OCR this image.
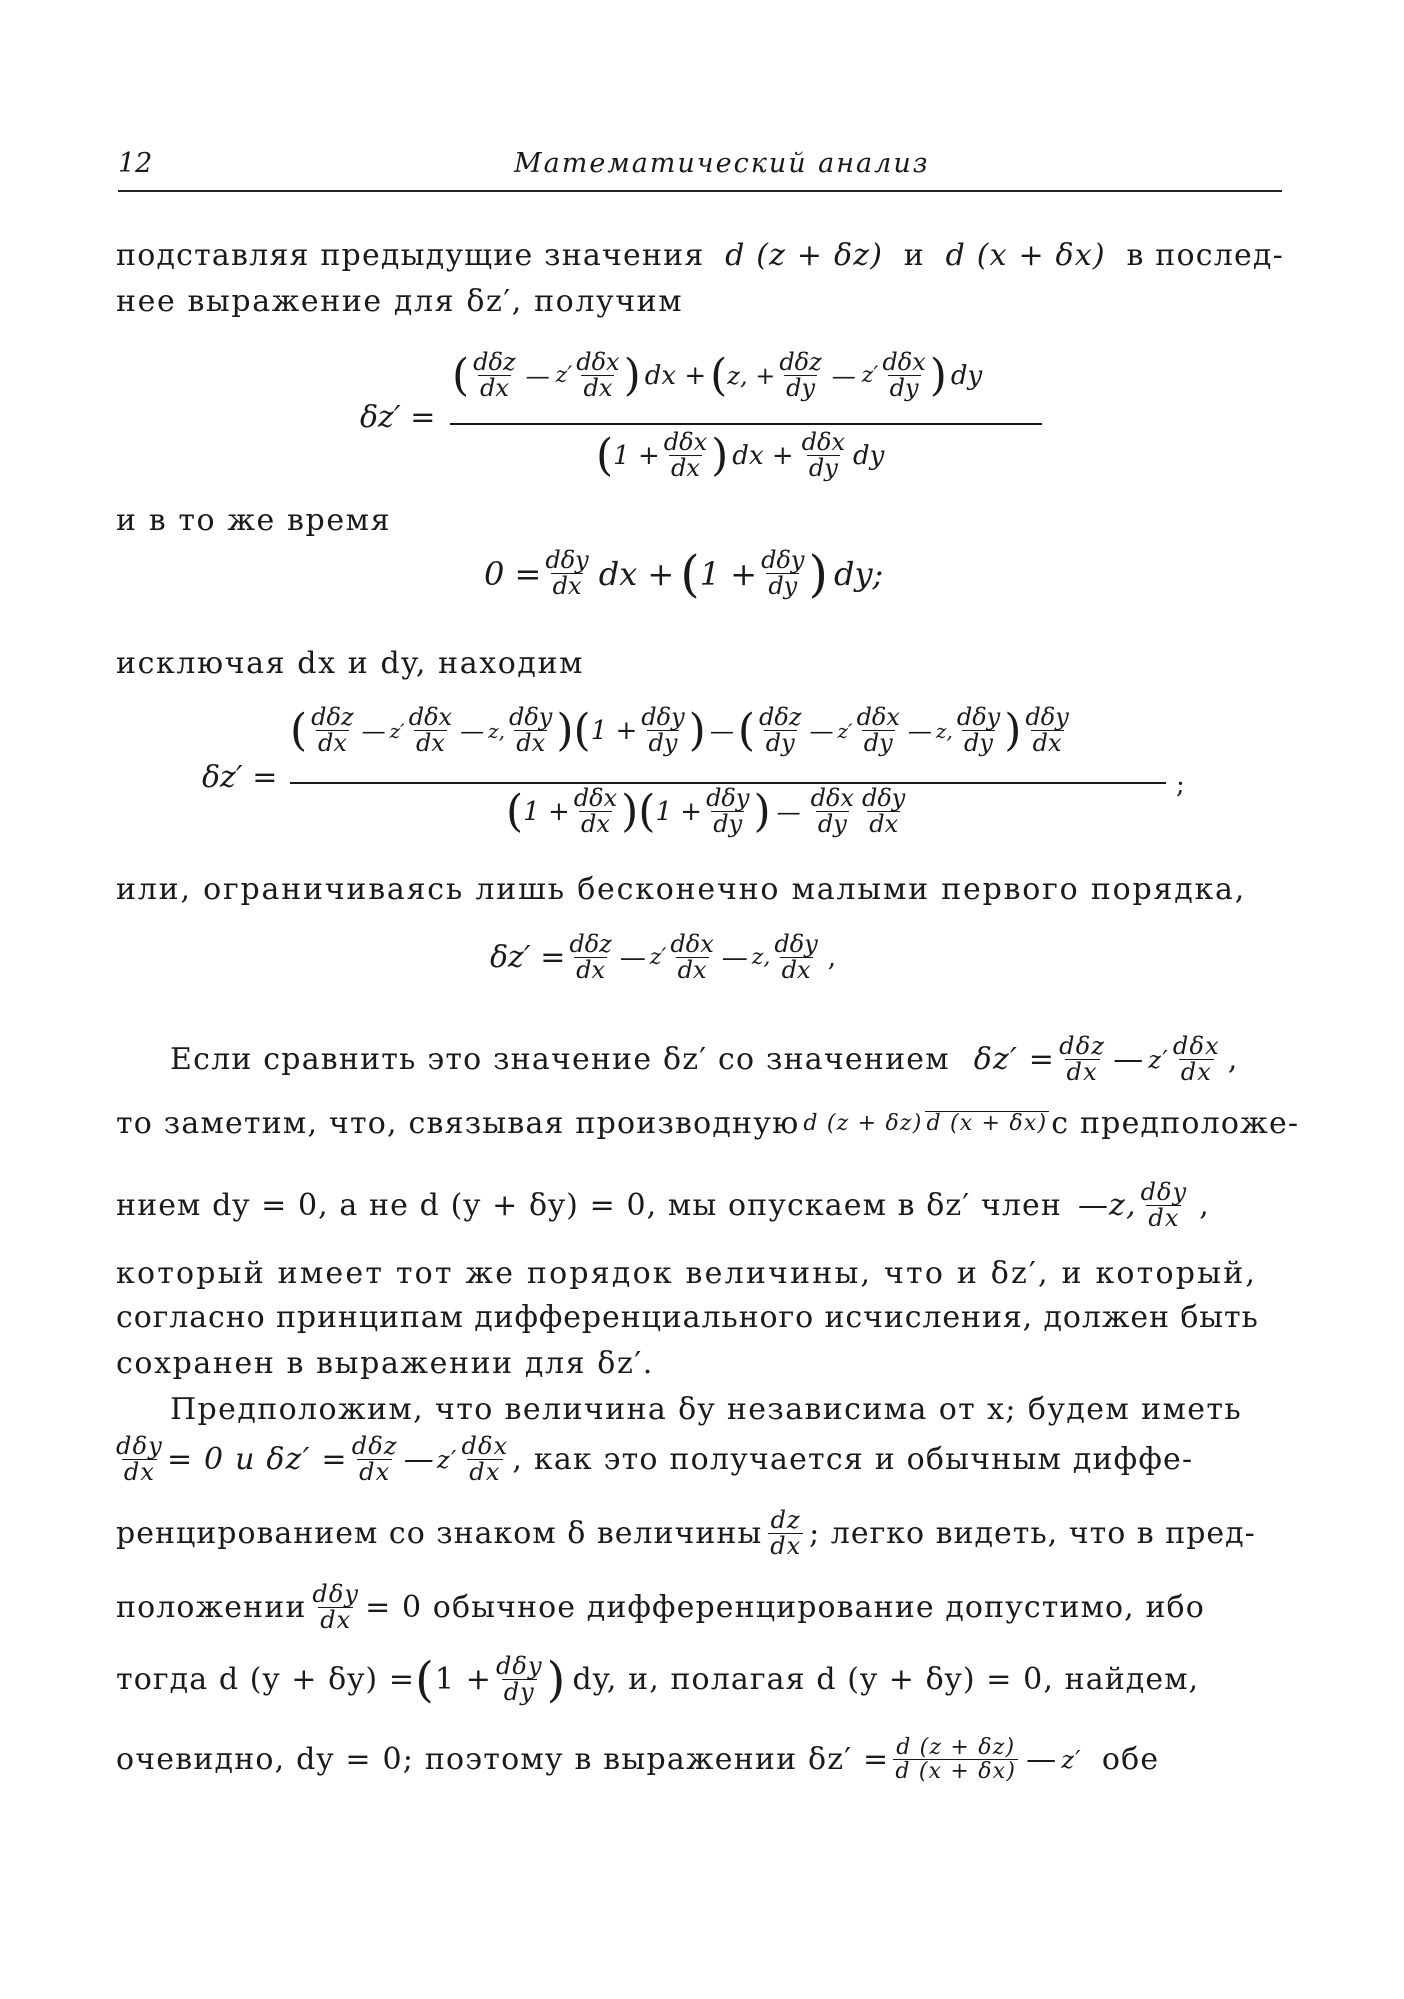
12	Математический анализ
подставляя предыдущие значения d (z + δz) и d (x + δx) в послед-
нее выражение для δz′, получим
δz′ =
( $\frac{\text{dδz}}{dx}$ — $z' \frac{\text{dδx}}{dx}$ ) dx + ( z, + $\frac{\text{dδz}}{dy}$ — $z' \frac{\text{dδx}}{dy}$ ) dy
( $1 + \frac{\text{dδx}}{dx}$ ) dx + $\frac{\text{dδx}}{dy}$ dy
и в то же время
$0 = \frac{\text{dδy}}{dx}$ dx + ( $1 + \frac{\text{dδy}}{dy}$ ) dy;
исключая dx и dy, находим
δz′ =
( $\frac{\text{dδz}}{dx}$ — $z' \frac{\text{dδx}}{dx}$ — z, $\frac{\text{dδy}}{dx}$ ) ( $1 + \frac{\text{dδy}}{dy}$ ) — ( $\frac{\text{dδz}}{dy}$ — $z' \frac{\text{dδx}}{dy}$ — z, $\frac{\text{dδy}}{dy}$ ) $\frac{\text{dδy}}{dx}$
;
( $1 + \frac{\text{dδx}}{dx}$ ) ( $1 + \frac{\text{dδy}}{dy}$ ) — $\frac{\text{dδx}}{dy} \frac{\text{dδy}}{dx}$
или, ограничиваясь лишь бесконечно малыми первого порядка,
$\delta z' = \frac{\text{dδz}}{dx}$ — $z' \frac{\text{dδx}}{dx}$ — z, $\frac{\text{dδy}}{dx}$ ,
Если сравнить это значение δz′ со значением $\delta z' = \frac{\text{dδz}}{dx}$ — $z' \frac{\text{dδx}}{dx}$ ,
то заметим, что, связывая производную d (z + δz) d (x + δx) с предположе-
нием dy = 0, а не d (y + δy) = 0, мы опускаем в δz′ член —z, $\frac{\text{dδy}}{dx}$ ,
который имеет тот же порядок величины, что и δz′, и который,
согласно принципам дифференциального исчисления, должен быть
сохранен в выражении для δz′.
Предположим, что величина δy независима от x; будем иметь
$\frac{\text{dδy}}{dx} = 0$ и $\delta z' = \frac{\text{dδz}}{dx}$ — $z' \frac{\text{dδx}}{dx}$ , как это получается и обычным диффе-
ренцированием со знаком δ величины $\frac{dz}{dx}$ ; легко видеть, что в пред-
положении $\frac{\text{dδy}}{dx} = 0$ обычное дифференцирование допустимо, ибо
тогда d (y + δy) = ( $1 + \frac{\text{dδy}}{dy}$ ) dy, и, полагая d (y + δy) = 0, найдем,
очевидно, dy = 0; поэтому в выражении $\delta z' = \frac{d (z + \delta z)}{d (x + \delta x)}$ — z′ обе
